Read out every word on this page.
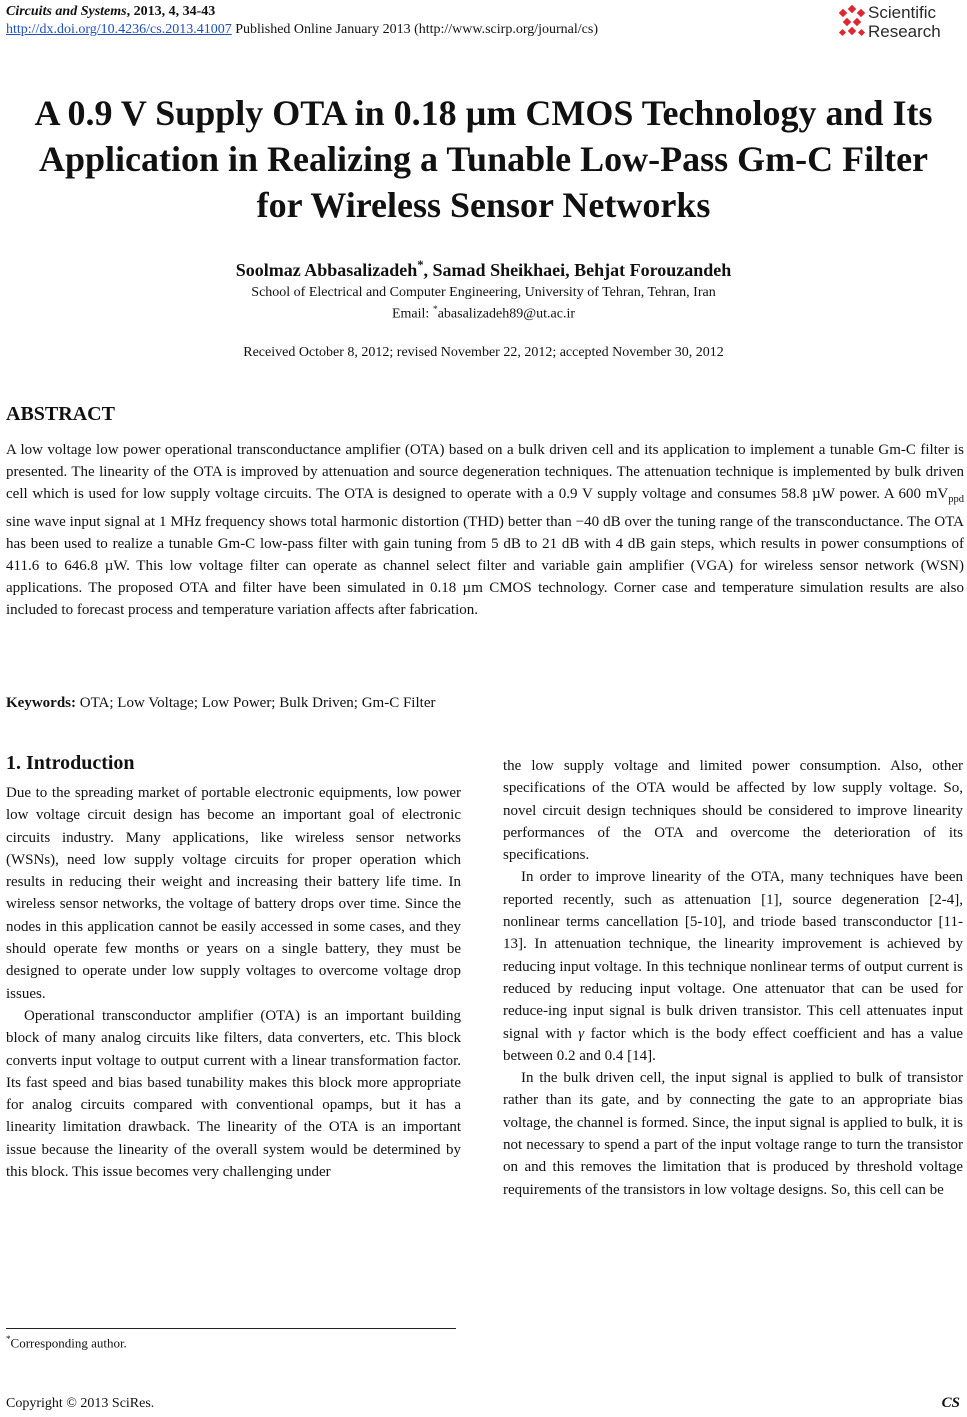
Circuits and Systems, 2013, 4, 34-43
http://dx.doi.org/10.4236/cs.2013.41007 Published Online January 2013 (http://www.scirp.org/journal/cs)
Scientific
Research
A 0.9 V Supply OTA in 0.18 µm CMOS Technology and Its
Application in Realizing a Tunable Low-Pass Gm-C Filter
for Wireless Sensor Networks
Soolmaz Abbasalizadeh*, Samad Sheikhaei, Behjat Forouzandeh
School of Electrical and Computer Engineering, University of Tehran, Tehran, Iran
Email: *abasalizadeh89@ut.ac.ir
Received October 8, 2012; revised November 22, 2012; accepted November 30, 2012
ABSTRACT
A low voltage low power operational transconductance amplifier (OTA) based on a bulk driven cell and its application to implement a tunable Gm-C filter is presented. The linearity of the OTA is improved by attenuation and source degeneration techniques. The attenuation technique is implemented by bulk driven cell which is used for low supply voltage circuits. The OTA is designed to operate with a 0.9 V supply voltage and consumes 58.8 µW power. A 600 $mV_{ppd}$ sine wave input signal at 1 MHz frequency shows total harmonic distortion (THD) better than −40 dB over the tuning range of the transconductance. The OTA has been used to realize a tunable Gm-C low-pass filter with gain tuning from 5 dB to 21 dB with 4 dB gain steps, which results in power consumptions of 411.6 to 646.8 µW. This low voltage filter can operate as channel select filter and variable gain amplifier (VGA) for wireless sensor network (WSN) applications. The proposed OTA and filter have been simulated in 0.18 µm CMOS technology. Corner case and temperature simulation results are also included to forecast process and temperature variation affects after fabrication.
Keywords: OTA; Low Voltage; Low Power; Bulk Driven; Gm-C Filter
1. Introduction

Due to the spreading market of portable electronic equipments, low power low voltage circuit design has become an important goal of electronic circuits industry. Many applications, like wireless sensor networks (WSNs), need low supply voltage circuits for proper operation which results in reducing their weight and increasing their battery life time. In wireless sensor networks, the voltage of battery drops over time. Since the nodes in this application cannot be easily accessed in some cases, and they should operate few months or years on a single battery, they must be designed to operate under low supply voltages to overcome voltage drop issues.

Operational transconductor amplifier (OTA) is an important building block of many analog circuits like filters, data converters, etc. This block converts input voltage to output current with a linear transformation factor. Its fast speed and bias based tunability makes this block more appropriate for analog circuits compared with conventional opamps, but it has a linearity limitation drawback. The linearity of the OTA is an important issue because the linearity of the overall system would be determined by this block. This issue becomes very challenging under

the low supply voltage and limited power consumption. Also, other specifications of the OTA would be affected by low supply voltage. So, novel circuit design techniques should be considered to improve linearity performances of the OTA and overcome the deterioration of its specifications.

In order to improve linearity of the OTA, many techniques have been reported recently, such as attenuation [1], source degeneration [2-4], nonlinear terms cancellation [5-10], and triode based transconductor [11-13]. In attenuation technique, the linearity improvement is achieved by reducing input voltage. In this technique nonlinear terms of output current is reduced by reducing input voltage. One attenuator that can be used for reduce-ing input signal is bulk driven transistor. This cell attenuates input signal with γ factor which is the body effect coefficient and has a value between 0.2 and 0.4 [14].

In the bulk driven cell, the input signal is applied to bulk of transistor rather than its gate, and by connecting the gate to an appropriate bias voltage, the channel is formed. Since, the input signal is applied to bulk, it is not necessary to spend a part of the input voltage range to turn the transistor on and this removes the limitation that is produced by threshold voltage requirements of the transistors in low voltage designs. So, this cell can be

*Corresponding author.
Copyright © 2013 SciRes.	CS
